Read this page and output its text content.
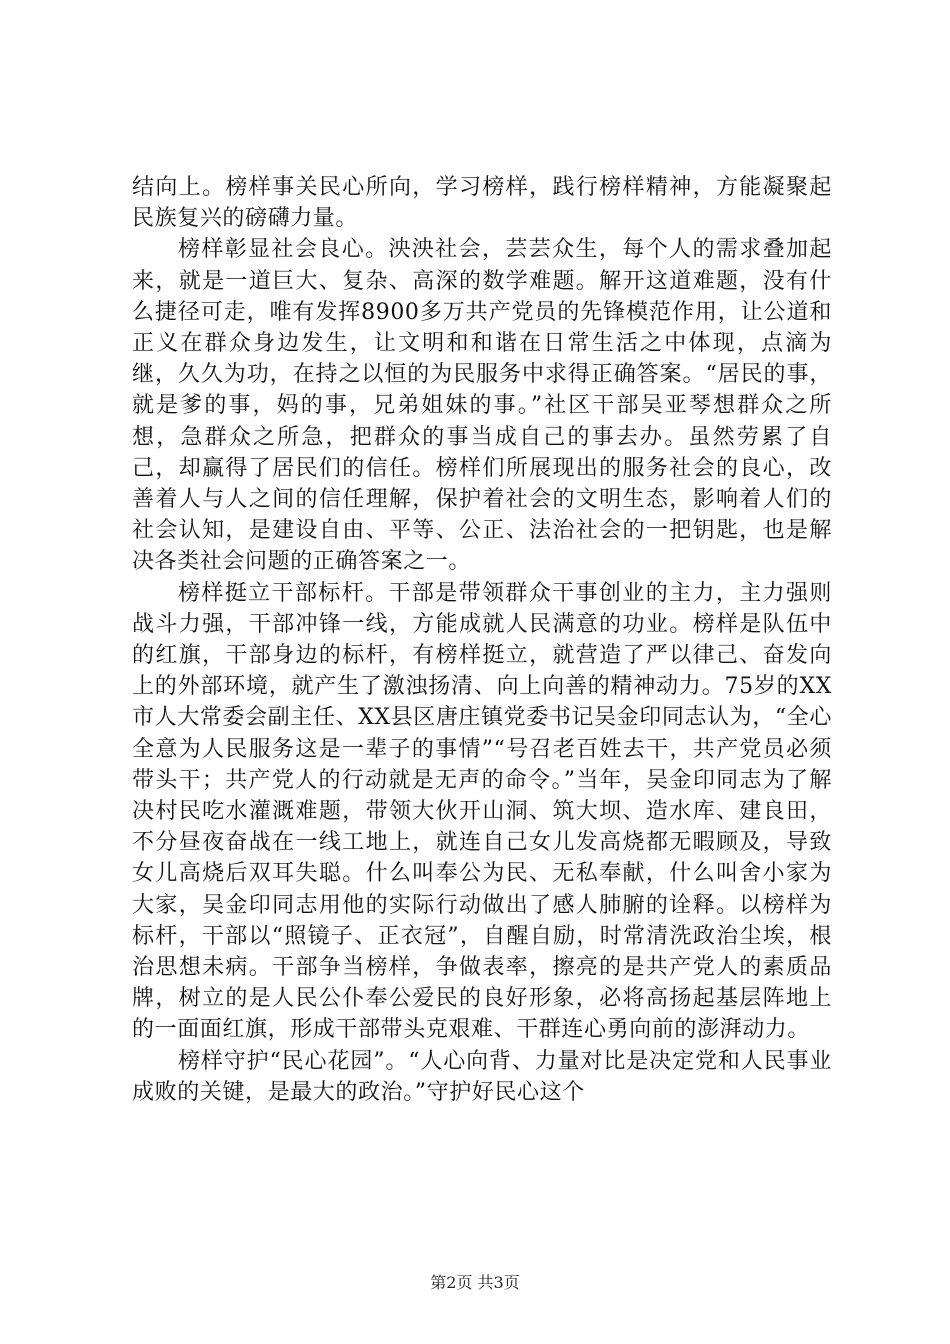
结向上。榜样事关民心所向，学习榜样，践行榜样精神，方能凝聚起民族复兴的磅礴力量。

榜样彰显社会良心。泱泱社会，芸芸众生，每个人的需求叠加起来，就是一道巨大、复杂、高深的数学难题。解开这道难题，没有什么捷径可走，唯有发挥8900多万共产党员的先锋模范作用，让公道和正义在群众身边发生，让文明和和谐在日常生活之中体现，点滴为继，久久为功，在持之以恒的为民服务中求得正确答案。“居民的事，就是爹的事，妈的事，兄弟姐妹的事。”社区干部吴亚琴想群众之所想，急群众之所急，把群众的事当成自己的事去办。虽然劳累了自己，却赢得了居民们的信任。榜样们所展现出的服务社会的良心，改善着人与人之间的信任理解，保护着社会的文明生态，影响着人们的社会认知，是建设自由、平等、公正、法治社会的一把钥匙，也是解决各类社会问题的正确答案之一。

榜样挺立干部标杆。干部是带领群众干事创业的主力，主力强则战斗力强，干部冲锋一线，方能成就人民满意的功业。榜样是队伍中的红旗，干部身边的标杆，有榜样挺立，就营造了严以律己、奋发向上的外部环境，就产生了激浊扬清、向上向善的精神动力。75岁的XX市人大常委会副主任、XX县区唐庄镇党委书记吴金印同志认为，“全心全意为人民服务这是一辈子的事情”“号召老百姓去干，共产党员必须带头干；共产党人的行动就是无声的命令。”当年，吴金印同志为了解决村民吃水灌溉难题，带领大伙开山洞、筑大坝、造水库、建良田，不分昼夜奋战在一线工地上，就连自己女儿发高烧都无暇顾及，导致女儿高烧后双耳失聪。什么叫奉公为民、无私奉献，什么叫舍小家为大家，吴金印同志用他的实际行动做出了感人肺腑的诠释。以榜样为标杆，干部以“照镜子、正衣冠”，自醒自励，时常清洗政治尘埃，根治思想未病。干部争当榜样，争做表率，擦亮的是共产党人的素质品牌，树立的是人民公仆奉公爱民的良好形象，必将高扬起基层阵地上的一面面红旗，形成干部带头克艰难、干群连心勇向前的澎湃动力。

榜样守护“民心花园”。“人心向背、力量对比是决定党和人民事业成败的关键，是最大的政治。”守护好民心这个

第2页 共3页
